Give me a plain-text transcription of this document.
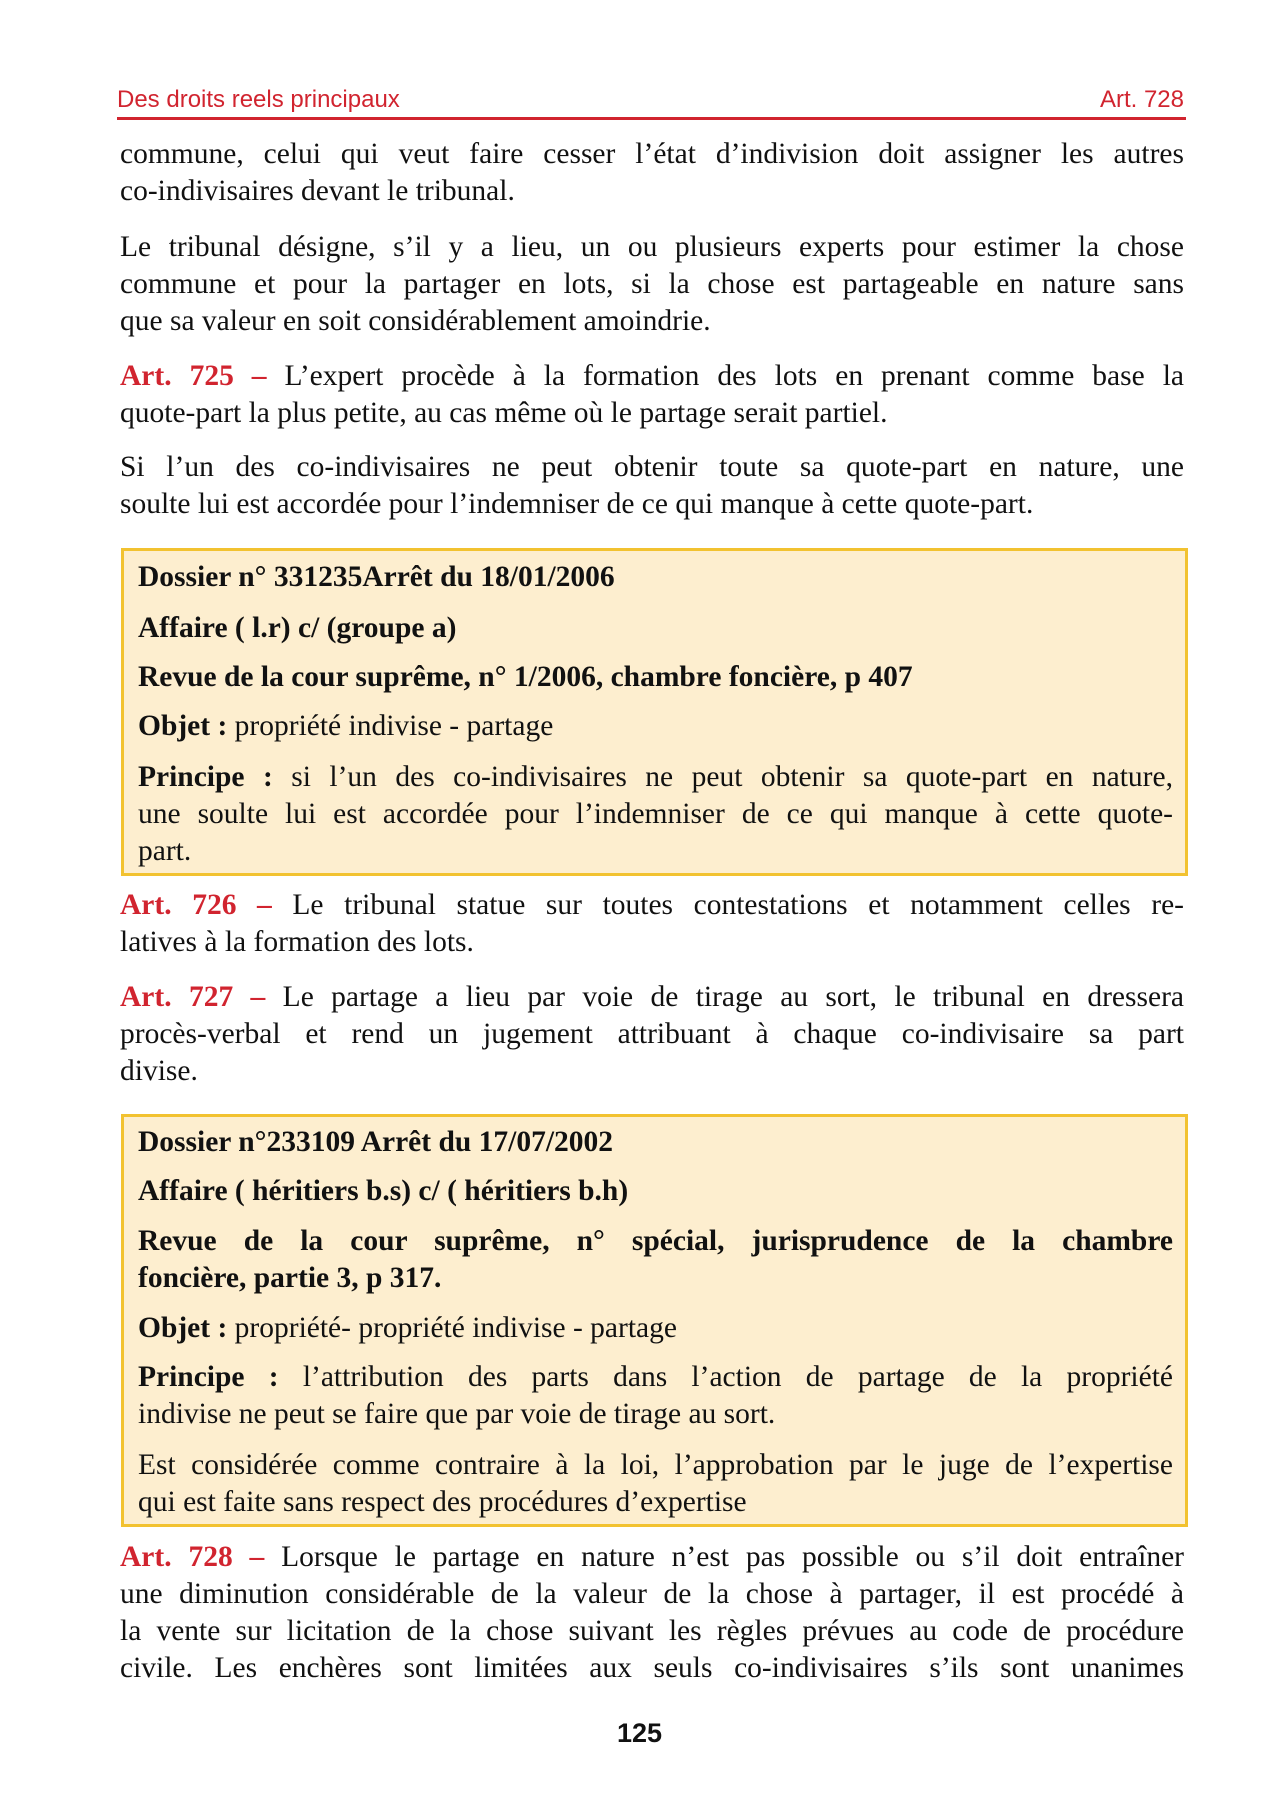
Des droits reels principaux	Art. 728
commune, celui qui veut faire cesser l’état d’indivision doit assigner les autres
co-indivisaires devant le tribunal.
Le tribunal désigne, s’il y a lieu, un ou plusieurs experts pour estimer la chose
commune et pour la partager en lots, si la chose est partageable en nature sans
que sa valeur en soit considérablement amoindrie.
Art. 725 – L’expert procède à la formation des lots en prenant comme base la
quote-part la plus petite, au cas même où le partage serait partiel.
Si l’un des co-indivisaires ne peut obtenir toute sa quote-part en nature, une
soulte lui est accordée pour l’indemniser de ce qui manque à cette quote-part.
Dossier n° 331235Arrêt du 18/01/2006
Affaire ( l.r) c/ (groupe a)
Revue de la cour suprême, n° 1/2006, chambre foncière, p 407
Objet : propriété indivise - partage
Principe : si l’un des co-indivisaires ne peut obtenir sa quote-part en nature,
une soulte lui est accordée pour l’indemniser de ce qui manque à cette quote-
part.
Art. 726 – Le tribunal statue sur toutes contestations et notamment celles re-
latives à la formation des lots.
Art. 727 – Le partage a lieu par voie de tirage au sort, le tribunal en dressera
procès-verbal et rend un jugement attribuant à chaque co-indivisaire sa part
divise.
Dossier n°233109 Arrêt du 17/07/2002
Affaire ( héritiers b.s) c/ ( héritiers b.h)
Revue de la cour suprême, n° spécial, jurisprudence de la chambre
foncière, partie 3, p 317.
Objet : propriété- propriété indivise - partage
Principe : l’attribution des parts dans l’action de partage de la propriété
indivise ne peut se faire que par voie de tirage au sort.
Est considérée comme contraire à la loi, l’approbation par le juge de l’expertise
qui est faite sans respect des procédures d’expertise
Art. 728 – Lorsque le partage en nature n’est pas possible ou s’il doit entraîner
une diminution considérable de la valeur de la chose à partager, il est procédé à
la vente sur licitation de la chose suivant les règles prévues au code de procédure
civile. Les enchères sont limitées aux seuls co-indivisaires s’ils sont unanimes
125
